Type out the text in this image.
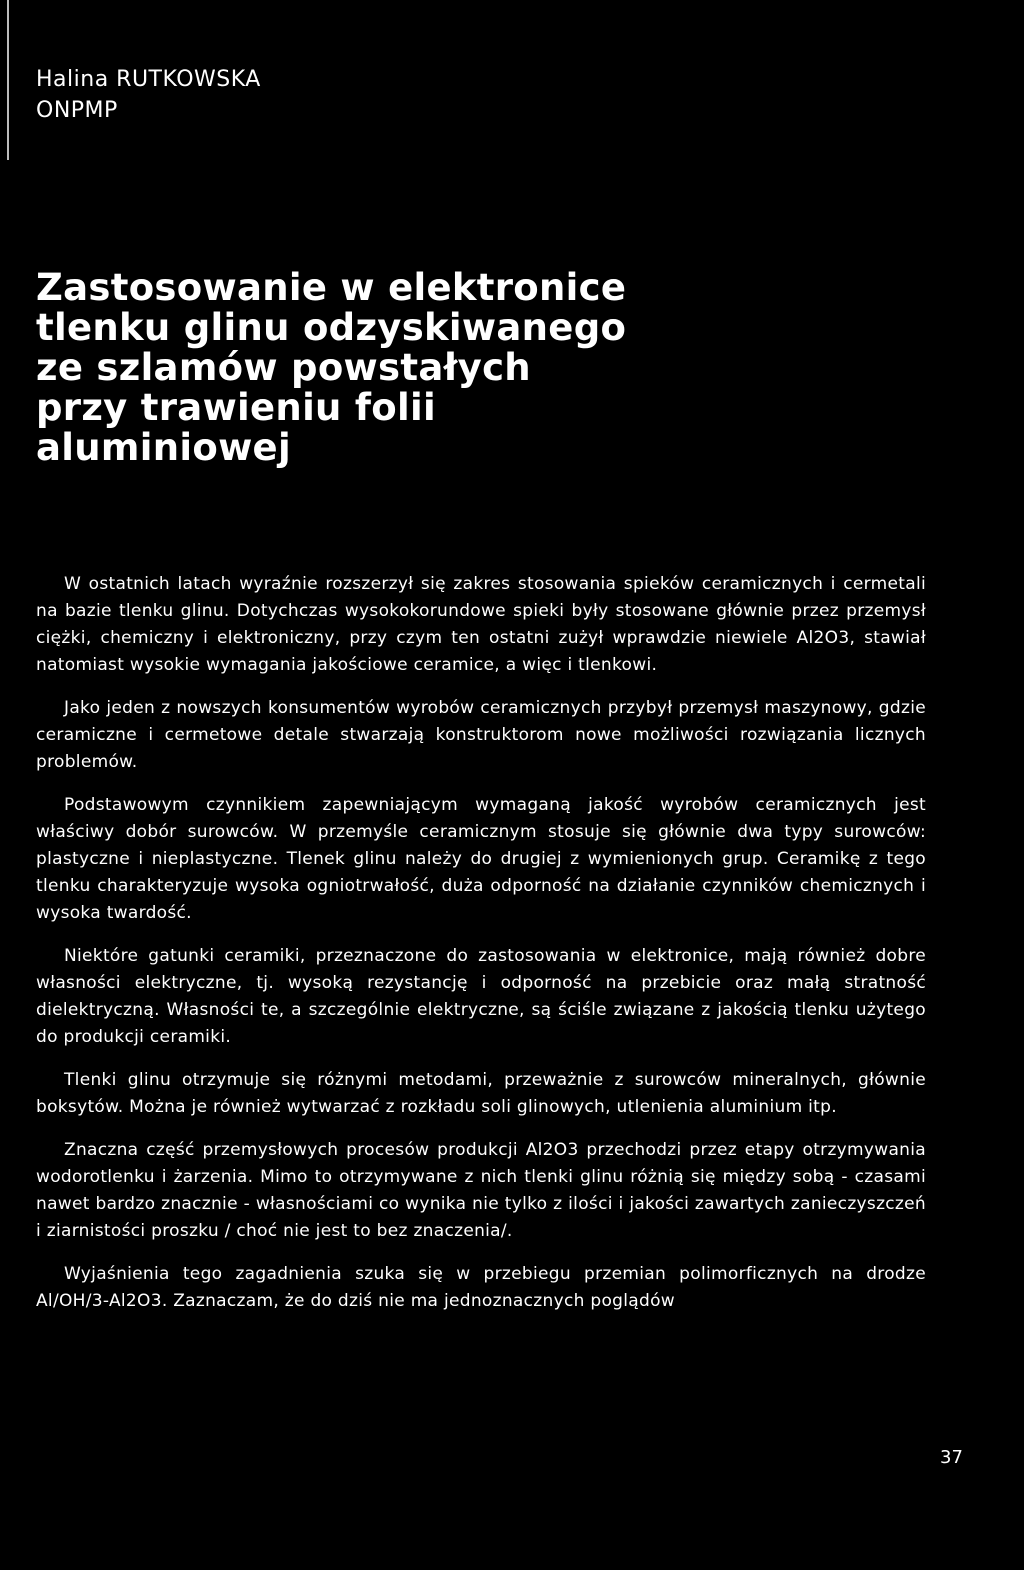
Halina RUTKOWSKA
ONPMP
Zastosowanie w elektronice
tlenku glinu odzyskiwanego
ze szlamów powstałych
przy trawieniu folii
aluminiowej

W ostatnich latach wyraźnie rozszerzył się zakres stosowania spieków ceramicznych i cermetali na bazie tlenku glinu. Dotychczas wysokokorundowe spieki były stosowane głównie przez przemysł ciężki, chemiczny i elektroniczny, przy czym ten ostatni zużył wprawdzie niewiele Al2O3, stawiał natomiast wysokie wymagania jakościowe ceramice, a więc i tlenkowi.

Jako jeden z nowszych konsumentów wyrobów ceramicznych przybył przemysł maszynowy, gdzie ceramiczne i cermetowe detale stwarzają konstruktorom nowe możliwości rozwiązania licznych problemów.

Podstawowym czynnikiem zapewniającym wymaganą jakość wyrobów ceramicznych jest właściwy dobór surowców. W przemyśle ceramicznym stosuje się głównie dwa typy surowców: plastyczne i nieplastyczne. Tlenek glinu należy do drugiej z wymienionych grup. Ceramikę z tego tlenku charakteryzuje wysoka ogniotrwałość, duża odporność na działanie czynników chemicznych i wysoka twardość.

Niektóre gatunki ceramiki, przeznaczone do zastosowania w elektronice, mają również dobre własności elektryczne, tj. wysoką rezystancję i odporność na przebicie oraz małą stratność dielektryczną. Własności te, a szczególnie elektryczne, są ściśle związane z jakością tlenku użytego do produkcji ceramiki.

Tlenki glinu otrzymuje się różnymi metodami, przeważnie z surowców mineralnych, głównie boksytów. Można je również wytwarzać z rozkładu soli glinowych, utlenienia aluminium itp.

Znaczna część przemysłowych procesów produkcji Al2O3 przechodzi przez etapy otrzymywania wodorotlenku i żarzenia. Mimo to otrzymywane z nich tlenki glinu różnią się między sobą - czasami nawet bardzo znacznie - własnościami co wynika nie tylko z ilości i jakości zawartych zanieczyszczeń i ziarnistości proszku / choć nie jest to bez znaczenia/.

Wyjaśnienia tego zagadnienia szuka się w przebiegu przemian polimorficznych na drodze Al/OH/3-Al2O3. Zaznaczam, że do dziś nie ma jednoznacznych poglądów

37
